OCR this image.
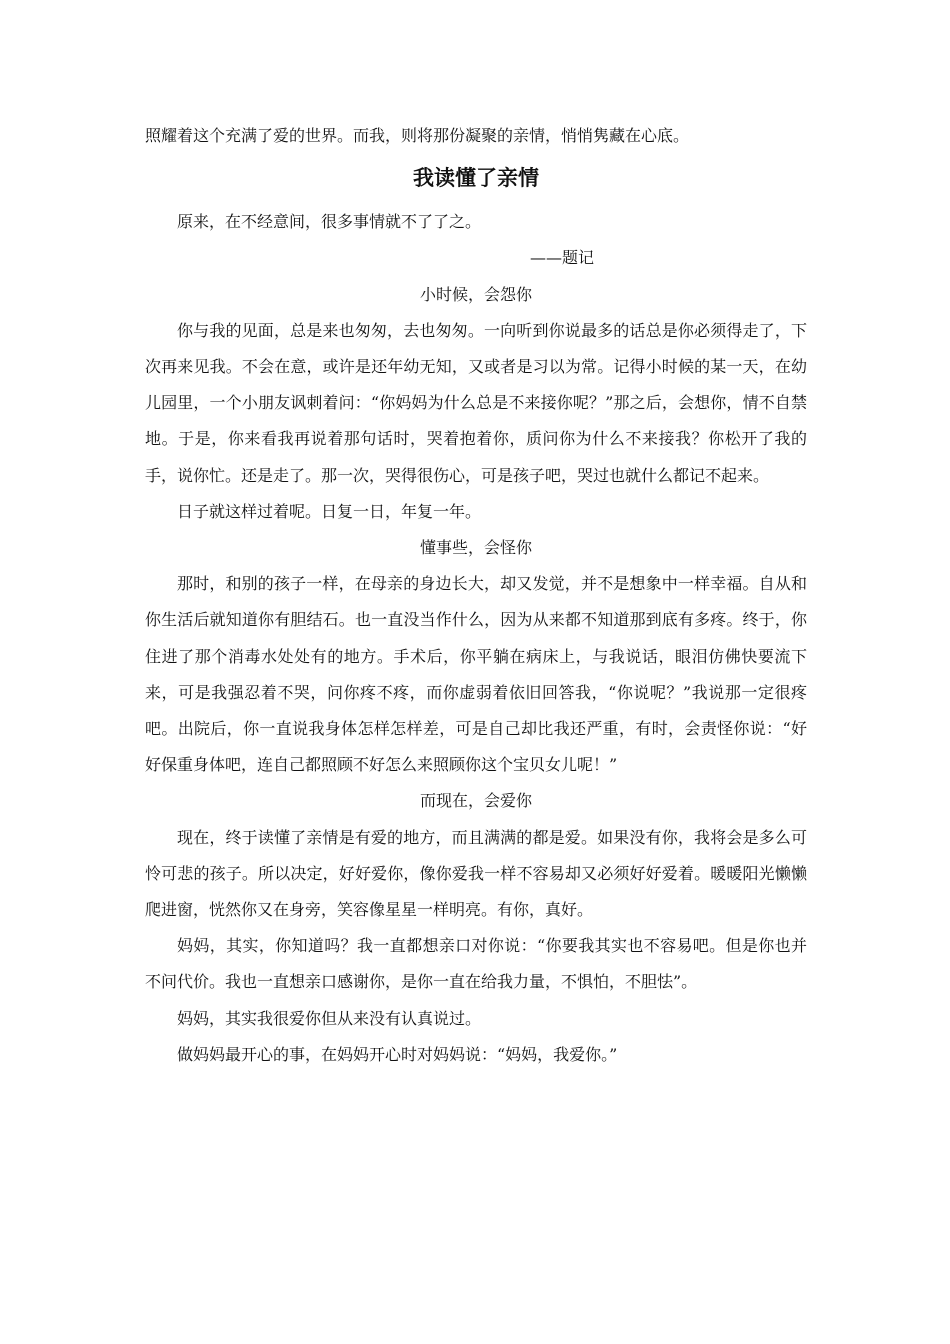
照耀着这个充满了爱的世界。而我，则将那份凝聚的亲情，悄悄隽藏在心底。

我读懂了亲情

原来，在不经意间，很多事情就不了了之。

——题记

小时候，会怨你

你与我的见面，总是来也匆匆，去也匆匆。一向听到你说最多的话总是你必须得走了，下次再来见我。不会在意，或许是还年幼无知，又或者是习以为常。记得小时候的某一天，在幼儿园里，一个小朋友讽刺着问：“你妈妈为什么总是不来接你呢？”那之后，会想你，情不自禁地。于是，你来看我再说着那句话时，哭着抱着你，质问你为什么不来接我？你松开了我的手，说你忙。还是走了。那一次，哭得很伤心，可是孩子吧，哭过也就什么都记不起来。

日子就这样过着呢。日复一日，年复一年。

懂事些，会怪你

那时，和别的孩子一样，在母亲的身边长大，却又发觉，并不是想象中一样幸福。自从和你生活后就知道你有胆结石。也一直没当作什么，因为从来都不知道那到底有多疼。终于，你住进了那个消毒水处处有的地方。手术后，你平躺在病床上，与我说话，眼泪仿佛快要流下来，可是我强忍着不哭，问你疼不疼，而你虚弱着依旧回答我，“你说呢？”我说那一定很疼吧。出院后，你一直说我身体怎样怎样差，可是自己却比我还严重，有时，会责怪你说：“好好保重身体吧，连自己都照顾不好怎么来照顾你这个宝贝女儿呢！”

而现在，会爱你

现在，终于读懂了亲情是有爱的地方，而且满满的都是爱。如果没有你，我将会是多么可怜可悲的孩子。所以决定，好好爱你，像你爱我一样不容易却又必须好好爱着。暖暖阳光懒懒爬进窗，恍然你又在身旁，笑容像星星一样明亮。有你，真好。

妈妈，其实，你知道吗？我一直都想亲口对你说：“你要我其实也不容易吧。但是你也并不问代价。我也一直想亲口感谢你，是你一直在给我力量，不惧怕，不胆怯”。

妈妈，其实我很爱你但从来没有认真说过。

做妈妈最开心的事，在妈妈开心时对妈妈说：“妈妈，我爱你。”
